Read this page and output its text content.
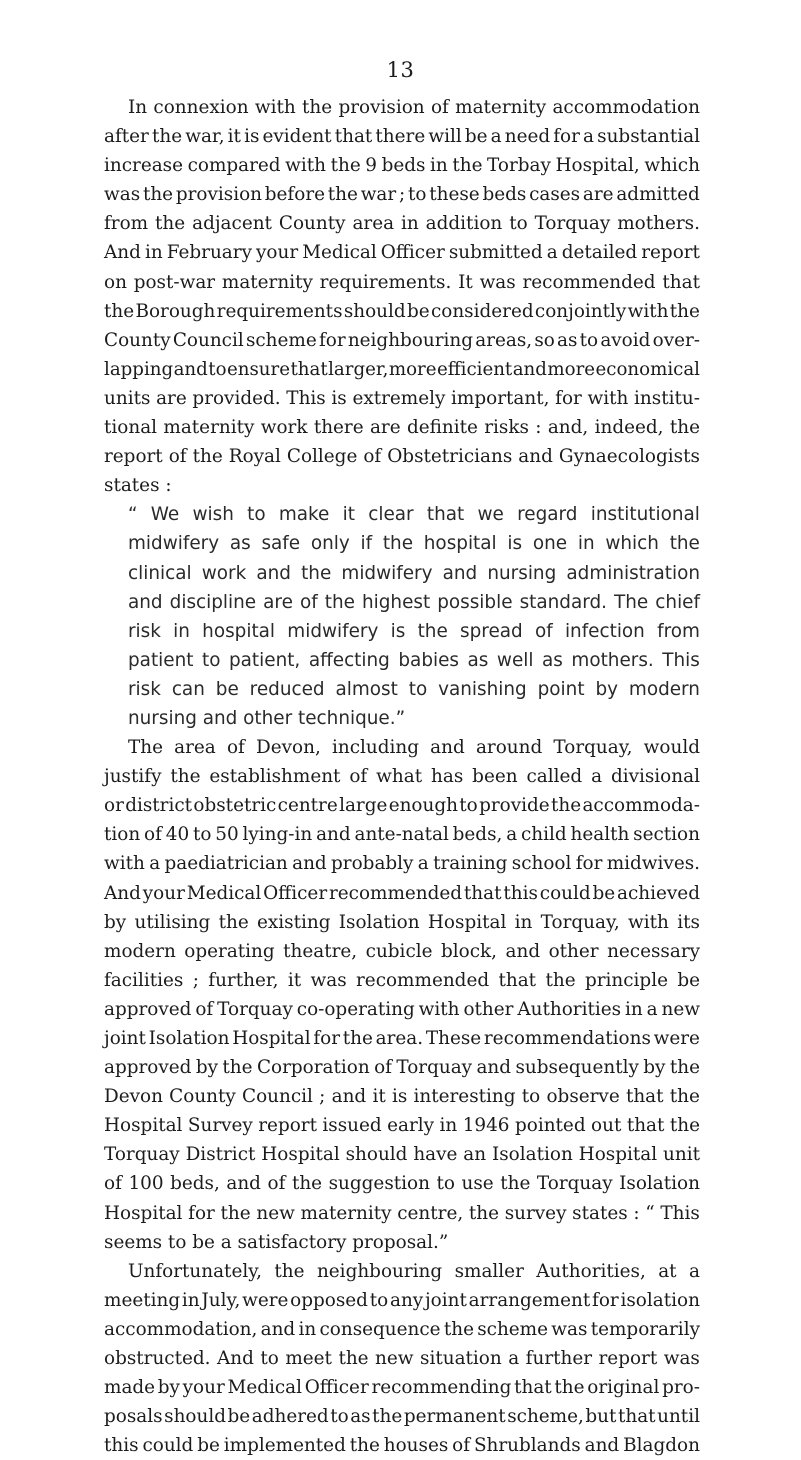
13
In connexion with the provision of maternity accommodation
after the war, it is evident that there will be a need for a substantial
increase compared with the 9 beds in the Torbay Hospital, which
was the provision before the war ; to these beds cases are admitted
from the adjacent County area in addition to Torquay mothers.
And in February your Medical Officer submitted a detailed report
on post-war maternity requirements. It was recommended that
the Borough requirements should be considered conjointly with the
County Council scheme for neighbouring areas, so as to avoid over-
lapping and to ensure that larger, more efficient and more economical
units are provided. This is extremely important, for with institu-
tional maternity work there are definite risks : and, indeed, the
report of the Royal College of Obstetricians and Gynaecologists
states :
“ We wish to make it clear that we regard institutional
midwifery as safe only if the hospital is one in which the
clinical work and the midwifery and nursing administration
and discipline are of the highest possible standard. The chief
risk in hospital midwifery is the spread of infection from
patient to patient, affecting babies as well as mothers. This
risk can be reduced almost to vanishing point by modern
nursing and other technique.”
The area of Devon, including and around Torquay, would
justify the establishment of what has been called a divisional
or district obstetric centre large enough to provide the accommoda-
tion of 40 to 50 lying-in and ante-natal beds, a child health section
with a paediatrician and probably a training school for midwives.
And your Medical Officer recommended that this could be achieved
by utilising the existing Isolation Hospital in Torquay, with its
modern operating theatre, cubicle block, and other necessary
facilities ; further, it was recommended that the principle be
approved of Torquay co-operating with other Authorities in a new
joint Isolation Hospital for the area. These recommendations were
approved by the Corporation of Torquay and subsequently by the
Devon County Council ; and it is interesting to observe that the
Hospital Survey report issued early in 1946 pointed out that the
Torquay District Hospital should have an Isolation Hospital unit
of 100 beds, and of the suggestion to use the Torquay Isolation
Hospital for the new maternity centre, the survey states : “ This
seems to be a satisfactory proposal.”
Unfortunately, the neighbouring smaller Authorities, at a
meeting in July, were opposed to any joint arrangement for isolation
accommodation, and in consequence the scheme was temporarily
obstructed. And to meet the new situation a further report was
made by your Medical Officer recommending that the original pro-
posals should be adhered to as the permanent scheme, but that until
this could be implemented the houses of Shrublands and Blagdon
